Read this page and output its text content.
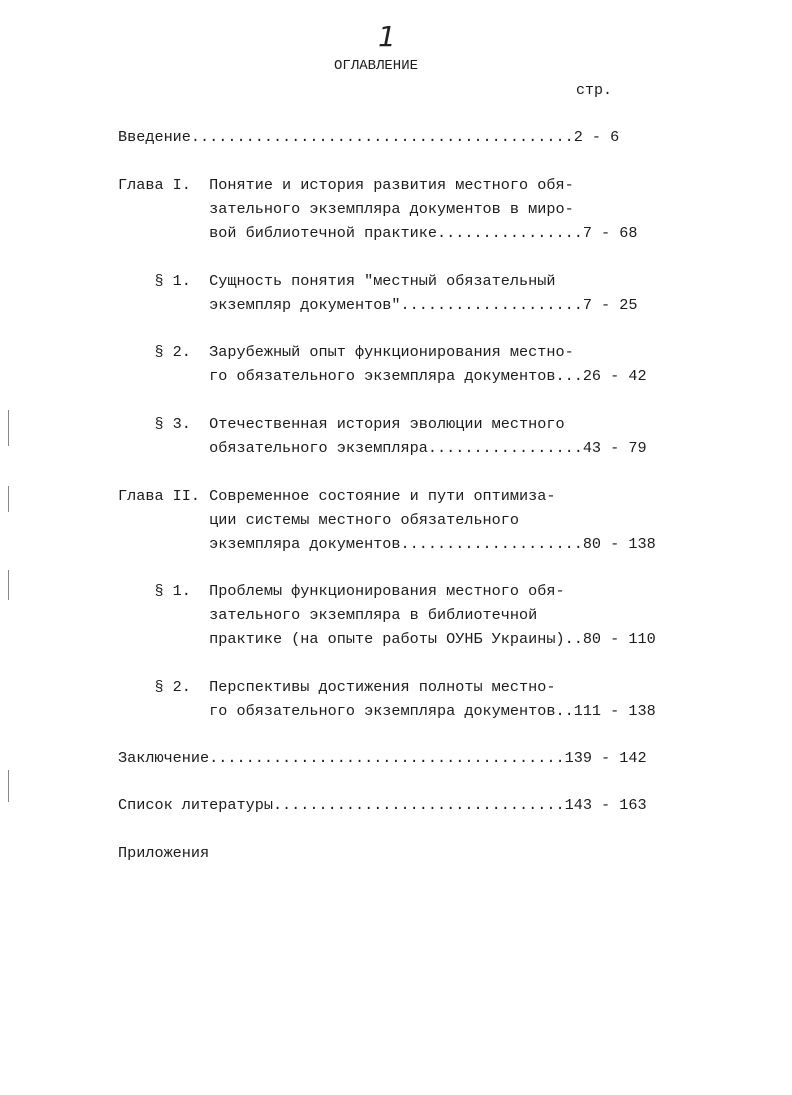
1
ОГЛАВЛЕНИЕ
стр.
Введение..........................................2 - 6
Глава I.  Понятие и история развития местного обя-
зательного экземпляра документов в миро-
вой библиотечной практике................7 - 68
§ 1.  Сущность понятия "местный обязательный
экземпляр документов"....................7 - 25
§ 2.  Зарубежный опыт функционирования местно-
го обязательного экземпляра документов...26 - 42
§ 3.  Отечественная история эволюции местного
обязательного экземпляра.................43 - 79
Глава II. Современное состояние и пути оптимиза-
ции системы местного обязательного
экземпляра документов....................80 - 138
§ 1.  Проблемы функционирования местного обя-
зательного экземпляра в библиотечной
практике (на опыте работы ОУНБ Украины)..80 - 110
§ 2.  Перспективы достижения полноты местно-
го обязательного экземпляра документов..111 - 138
Заключение.......................................139 - 142
Список литературы................................143 - 163
Приложения
